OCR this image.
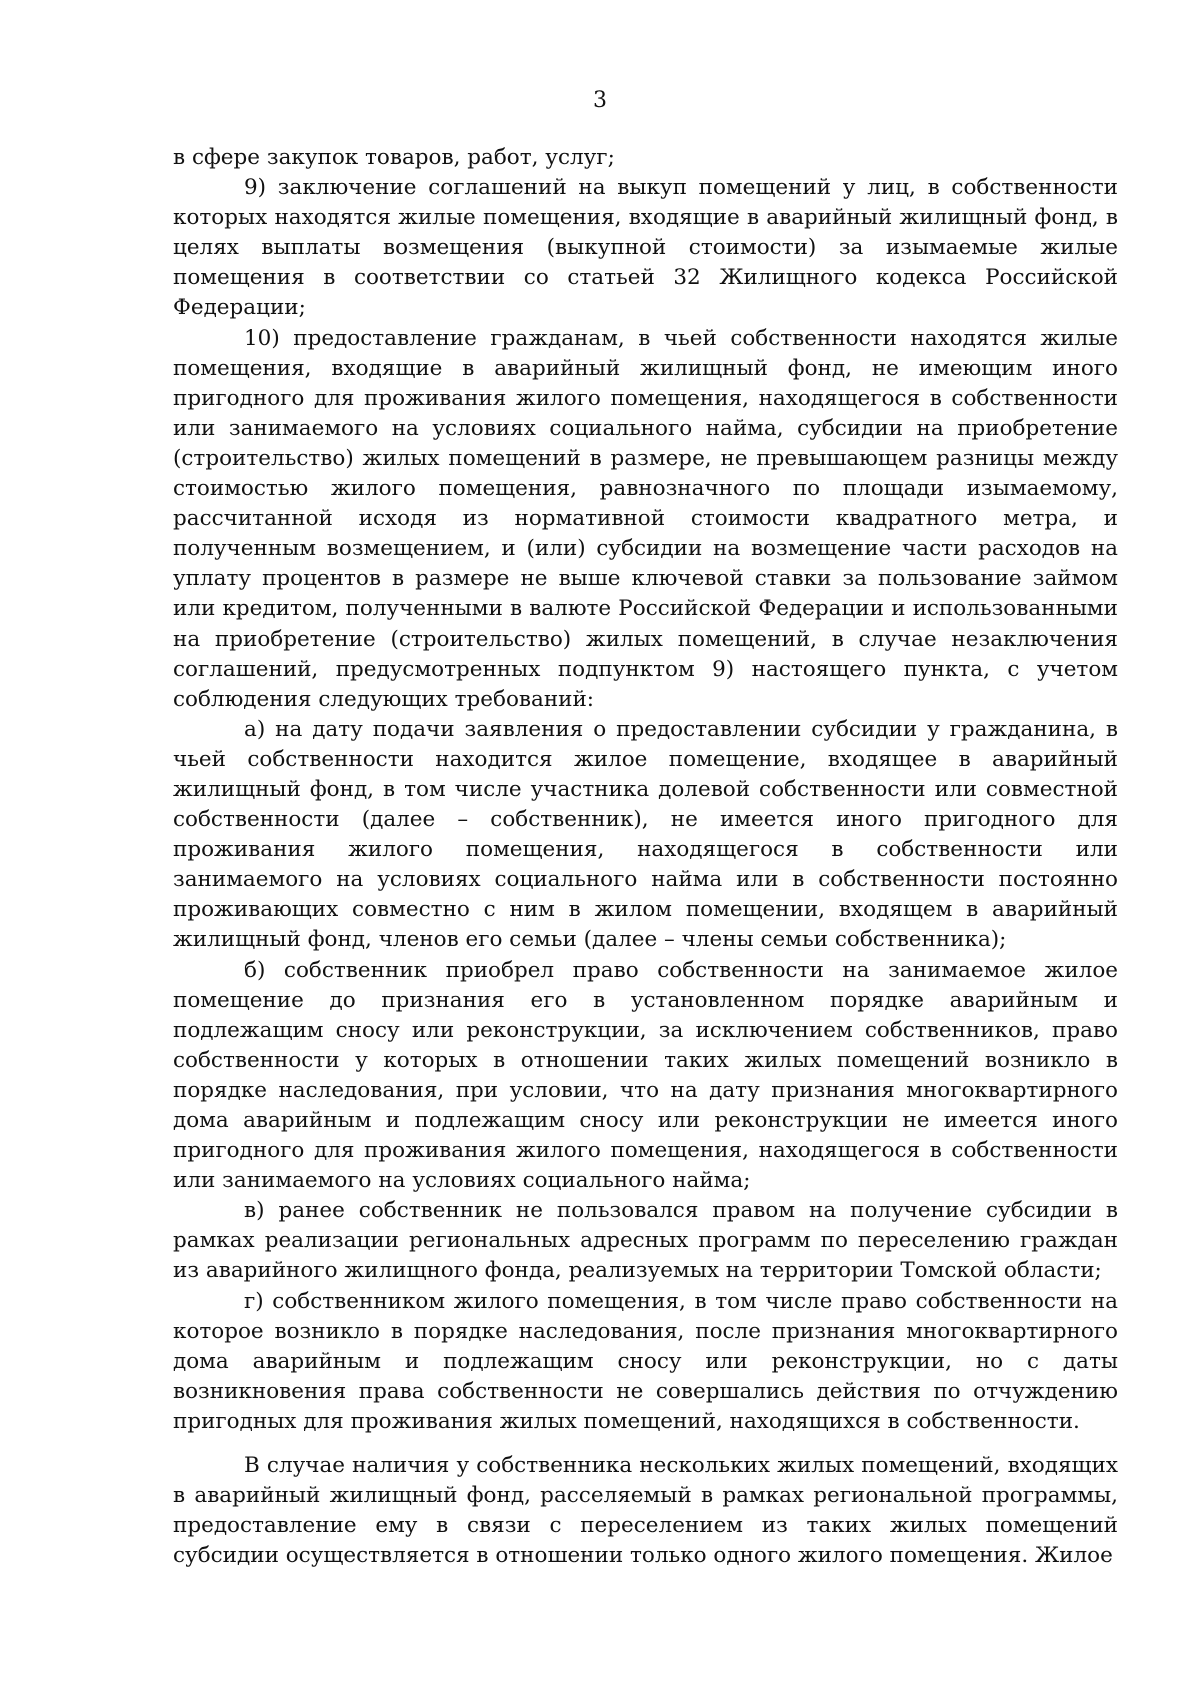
3

в сфере закупок товаров, работ, услуг;

9) заключение соглашений на выкуп помещений у лиц, в собственности которых находятся жилые помещения, входящие в аварийный жилищный фонд, в целях выплаты возмещения (выкупной стоимости) за изымаемые жилые помещения в соответствии со статьей 32 Жилищного кодекса Российской Федерации;

10) предоставление гражданам, в чьей собственности находятся жилые помещения, входящие в аварийный жилищный фонд, не имеющим иного пригодного для проживания жилого помещения, находящегося в собственности или занимаемого на условиях социального найма, субсидии на приобретение (строительство) жилых помещений в размере, не превышающем разницы между стоимостью жилого помещения, равнозначного по площади изымаемому, рассчитанной исходя из нормативной стоимости квадратного метра, и полученным возмещением, и (или) субсидии на возмещение части расходов на уплату процентов в размере не выше ключевой ставки за пользование займом или кредитом, полученными в валюте Российской Федерации и использованными на приобретение (строительство) жилых помещений, в случае незаключения соглашений, предусмотренных подпунктом 9) настоящего пункта, с учетом соблюдения следующих требований:

а) на дату подачи заявления о предоставлении субсидии у гражданина, в чьей собственности находится жилое помещение, входящее в аварийный жилищный фонд, в том числе участника долевой собственности или совместной собственности (далее – собственник), не имеется иного пригодного для проживания жилого помещения, находящегося в собственности или занимаемого на условиях социального найма или в собственности постоянно проживающих совместно с ним в жилом помещении, входящем в аварийный жилищный фонд, членов его семьи (далее – члены семьи собственника);

б) собственник приобрел право собственности на занимаемое жилое помещение до признания его в установленном порядке аварийным и подлежащим сносу или реконструкции, за исключением собственников, право собственности у которых в отношении таких жилых помещений возникло в порядке наследования, при условии, что на дату признания многоквартирного дома аварийным и подлежащим сносу или реконструкции не имеется иного пригодного для проживания жилого помещения, находящегося в собственности или занимаемого на условиях социального найма;

в) ранее собственник не пользовался правом на получение субсидии в рамках реализации региональных адресных программ по переселению граждан из аварийного жилищного фонда, реализуемых на территории Томской области;

г) собственником жилого помещения, в том числе право собственности на которое возникло в порядке наследования, после признания многоквартирного дома аварийным и подлежащим сносу или реконструкции, но с даты возникновения права собственности не совершались действия по отчуждению пригодных для проживания жилых помещений, находящихся в собственности.

В случае наличия у собственника нескольких жилых помещений, входящих в аварийный жилищный фонд, расселяемый в рамках региональной программы, предоставление ему в связи с переселением из таких жилых помещений субсидии осуществляется в отношении только одного жилого помещения. Жилое
